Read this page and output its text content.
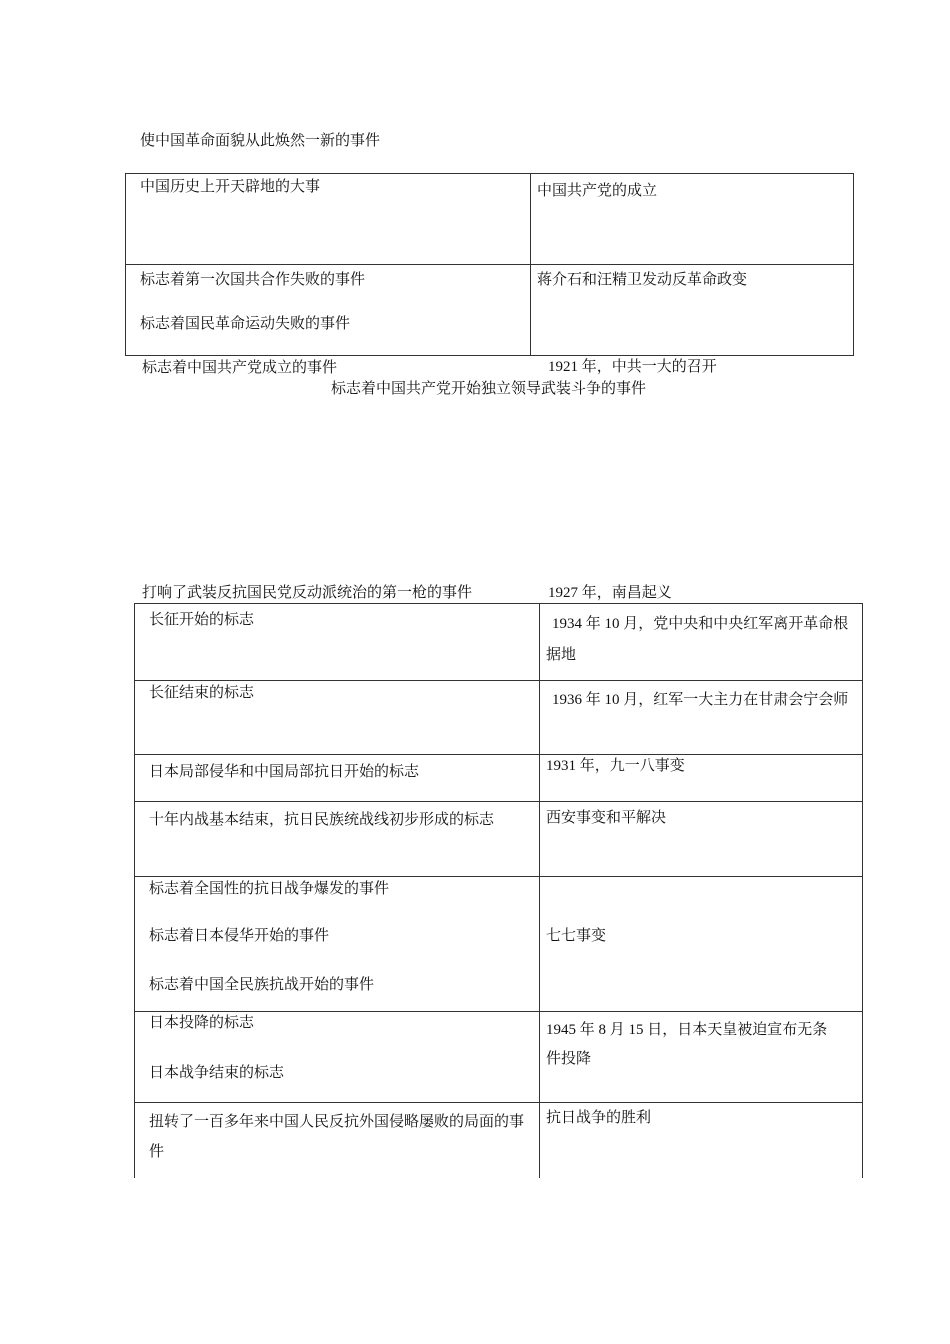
使中国革命面貌从此焕然一新的事件
中国历史上开天辟地的大事	中国共产党的成立

标志着第一次国共合作失败的事件
标志着国民革命运动失败的事件	蒋介石和汪精卫发动反革命政变
标志着中国共产党成立的事件	1921 年，中共一大的召开
标志着中国共产党开始独立领导武装斗争的事件
打响了武装反抗国民党反动派统治的第一枪的事件	1927 年，南昌起义
长征开始的标志	1934 年 10 月，党中央和中央红军离开革命根据地

长征结束的标志	1936 年 10 月，红军一大主力在甘肃会宁会师

日本局部侵华和中国局部抗日开始的标志	1931 年，九一八事变

十年内战基本结束，抗日民族统战线初步形成的标志	西安事变和平解决

标志着全国性的抗日战争爆发的事件
标志着日本侵华开始的事件
标志着中国全民族抗战开始的事件	七七事变

日本投降的标志
日本战争结束的标志	1945 年 8 月 15 日，日本天皇被迫宣布无条件投降

扭转了一百多年来中国人民反抗外国侵略屡败的局面的事件	抗日战争的胜利
